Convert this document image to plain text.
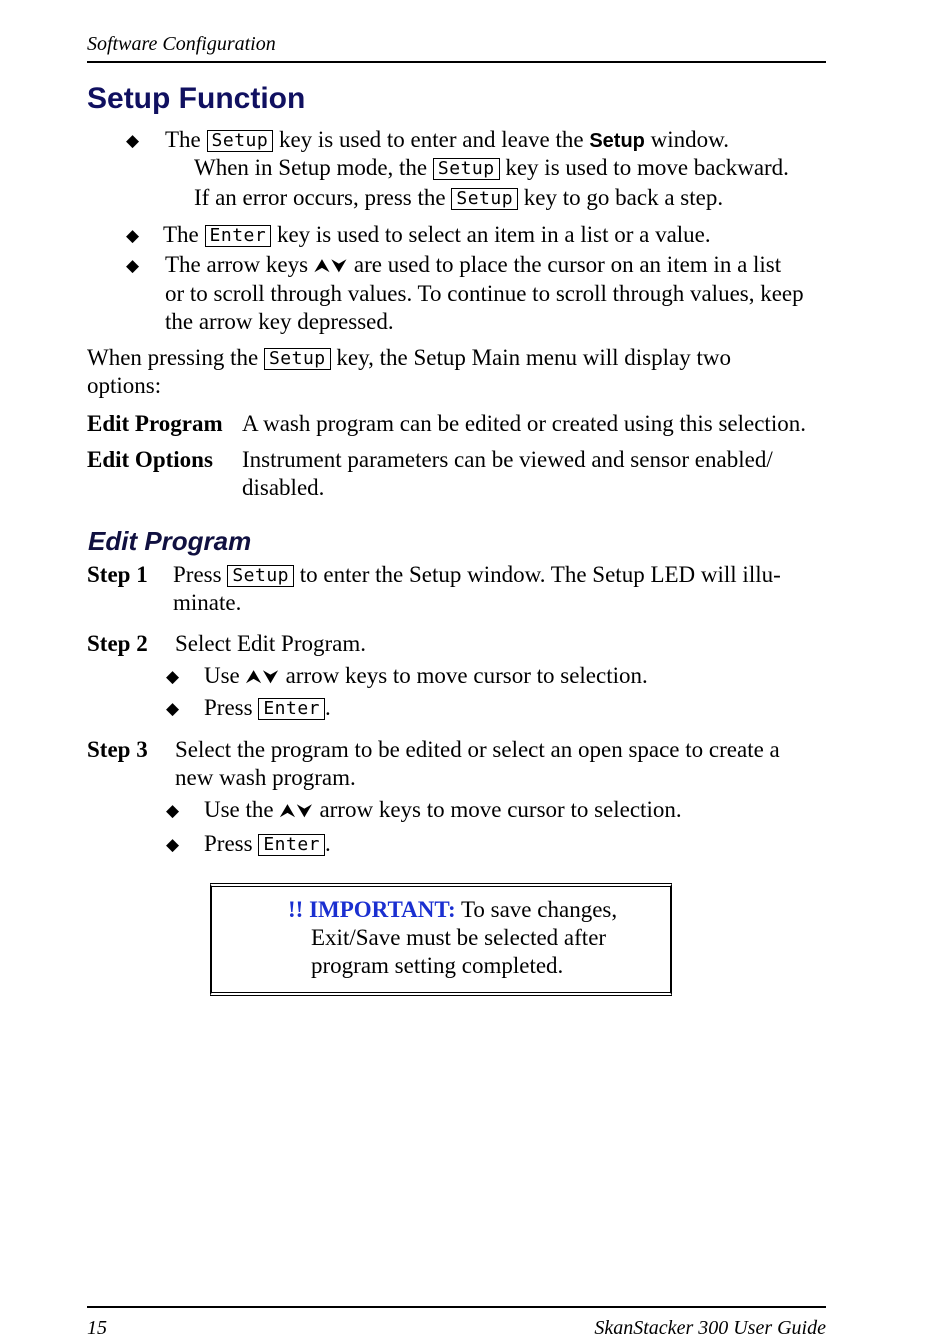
Software Configuration
Setup Function
◆ The Setup key is used to enter and leave the Setup window.
When in Setup mode, the Setup key is used to move backward.
If an error occurs, press the Setup key to go back a step.
◆ The Enter key is used to select an item in a list or a value.
◆ The arrow keys ⮝⮟ are used to place the cursor on an item in a list
or to scroll through values. To continue to scroll through values, keep
the arrow key depressed.
When pressing the Setup key, the Setup Main menu will display two
options:
Edit Program A wash program can be edited or created using this selection.
Edit Options Instrument parameters can be viewed and sensor enabled/
disabled.
Edit Program
Step 1 Press Setup to enter the Setup window. The Setup LED will illu-
minate.
Step 2 Select Edit Program.
◆ Use ⮝⮟ arrow keys to move cursor to selection.
◆ Press Enter .
Step 3 Select the program to be edited or select an open space to create a
new wash program.
◆ Use the ⮝⮟ arrow keys to move cursor to selection.
◆ Press Enter .
!! IMPORTANT: To save changes,
Exit/Save must be selected after
program setting completed.
15	SkanStacker 300 User Guide
